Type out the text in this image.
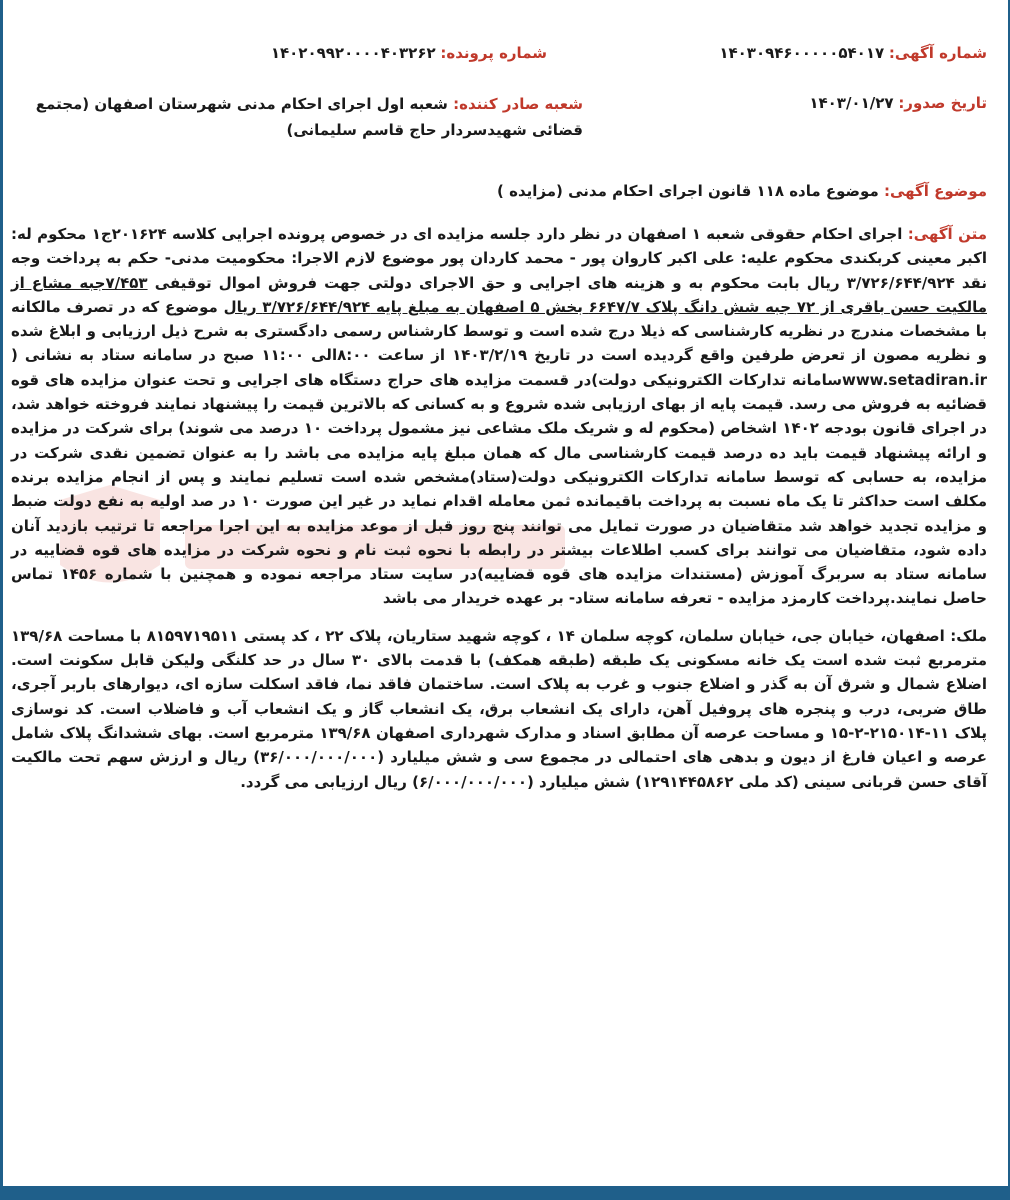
شماره آگهی: ۱۴۰۳۰۹۴۶۰۰۰۰۰۵۴۰۱۷
شماره پرونده: ۱۴۰۲۰۹۹۲۰۰۰۰۴۰۳۲۶۲
تاریخ صدور: ۱۴۰۳/۰۱/۲۷
شعبه صادر کننده: شعبه اول اجرای احکام مدنی شهرستان اصفهان (مجتمع
قضائی شهیدسردار حاج قاسم سلیمانی)
موضوع آگهی: موضوع ماده ۱۱۸ قانون اجرای احکام مدنی (مزایده )

متن آگهی: اجرای احکام حقوقی شعبه ۱ اصفهان در نظر دارد جلسه مزایده ای در خصوص پرونده اجرایی کلاسه ۲۰۱۶۲۴ج۱ محکوم له: اکبر معینی کربکندی محکوم علیه: علی اکبر کاروان پور - محمد کاردان پور موضوع لازم الاجرا: محکومیت مدنی- حکم به پرداخت وجه نقد ۳/۷۲۶/۶۴۴/۹۲۴ ریال بابت محکوم به و هزینه های اجرایی و حق الاجرای دولتی جهت فروش اموال توقیفی ۷/۴۵۳جبه مشاع از مالکیت حسن باقری از ۷۲ جبه شش دانگ پلاک ۶۶۴۷/۷ بخش ۵ اصفهان به مبلغ پایه ۳/۷۲۶/۶۴۴/۹۲۴ ریال موضوع که در تصرف مالکانه با مشخصات مندرج در نظریه کارشناسی که ذیلا درج شده است و توسط کارشناس رسمی دادگستری به شرح ذیل ارزیابی و ابلاغ شده و نظریه مصون از تعرض طرفین واقع گردیده است در تاریخ ۱۴۰۳/۲/۱۹ از ساعت ۸:۰۰الی ۱۱:۰۰ صبح در سامانه ستاد به نشانی ( www.setadiran.irسامانه تدارکات الکترونیکی دولت)در قسمت مزایده های حراج دستگاه های اجرایی و تحت عنوان مزایده های قوه قضائیه به فروش می رسد. قیمت پایه از بهای ارزیابی شده شروع و به کسانی که بالاترین قیمت را پیشنهاد نمایند فروخته خواهد شد، در اجرای قانون بودجه ۱۴۰۲ اشخاص (محکوم له و شریک ملک مشاعی نیز مشمول پرداخت ۱۰ درصد می شوند) برای شرکت در مزایده و ارائه پیشنهاد قیمت باید ده درصد قیمت کارشناسی مال که همان مبلغ پایه مزایده می باشد را به عنوان تضمین نقدی شرکت در مزایده، به حسابی که توسط سامانه تدارکات الکترونیکی دولت(ستاد)مشخص شده است تسلیم نمایند و پس از انجام مزایده برنده مکلف است حداکثر تا یک ماه نسبت به پرداخت باقیمانده ثمن معامله اقدام نماید در غیر این صورت ۱۰ در صد اولیه به نفع دولت ضبط و مزایده تجدید خواهد شد متقاضیان در صورت تمایل می توانند پنج روز قبل از موعد مزایده به این اجرا مراجعه تا ترتیب بازدید آنان داده شود، متقاضیان می توانند برای کسب اطلاعات بیشتر در رابطه با نحوه ثبت نام و نحوه شرکت در مزایده های قوه قضاییه در سامانه ستاد به سربرگ آموزش (مستندات مزایده های قوه قضاییه)در سایت ستاد مراجعه نموده و همچنین با شماره ۱۴۵۶ تماس حاصل نمایند.پرداخت کارمزد مزایده - تعرفه سامانه ستاد- بر عهده خریدار می باشد

ملک: اصفهان، خیابان جی، خیابان سلمان، کوچه سلمان ۱۴ ، کوچه شهید ستاریان، پلاک ۲۲ ، کد پستی ۸۱۵۹۷۱۹۵۱۱ با مساحت ۱۳۹/۶۸ مترمربع ثبت شده است یک خانه مسکونی یک طبقه (طبقه همکف) با قدمت بالای ۳۰ سال در حد کلنگی ولیکن قابل سکونت است. اضلاع شمال و شرق آن به گذر و اضلاع جنوب و غرب به پلاک است. ساختمان فاقد نما، فاقد اسکلت سازه ای، دیوارهای باربر آجری، طاق ضربی، درب و پنجره های پروفیل آهن، دارای یک انشعاب برق، یک انشعاب گاز و یک انشعاب آب و فاضلاب است. کد نوسازی پلاک ۱۱-۲۱۵۰۱۴-۲-۱۵ و مساحت عرصه آن مطابق اسناد و مدارک شهرداری اصفهان ۱۳۹/۶۸ مترمربع است. بهای ششدانگ پلاک شامل عرصه و اعیان فارغ از دیون و بدهی های احتمالی در مجموع سی و شش میلیارد (۳۶/۰۰۰/۰۰۰/۰۰۰) ریال و ارزش سهم تحت مالکیت آقای حسن قربانی سینی (کد ملی ۱۲۹۱۴۴۵۸۶۲) شش میلیارد (۶/۰۰۰/۰۰۰/۰۰۰) ریال ارزیابی می گردد.
